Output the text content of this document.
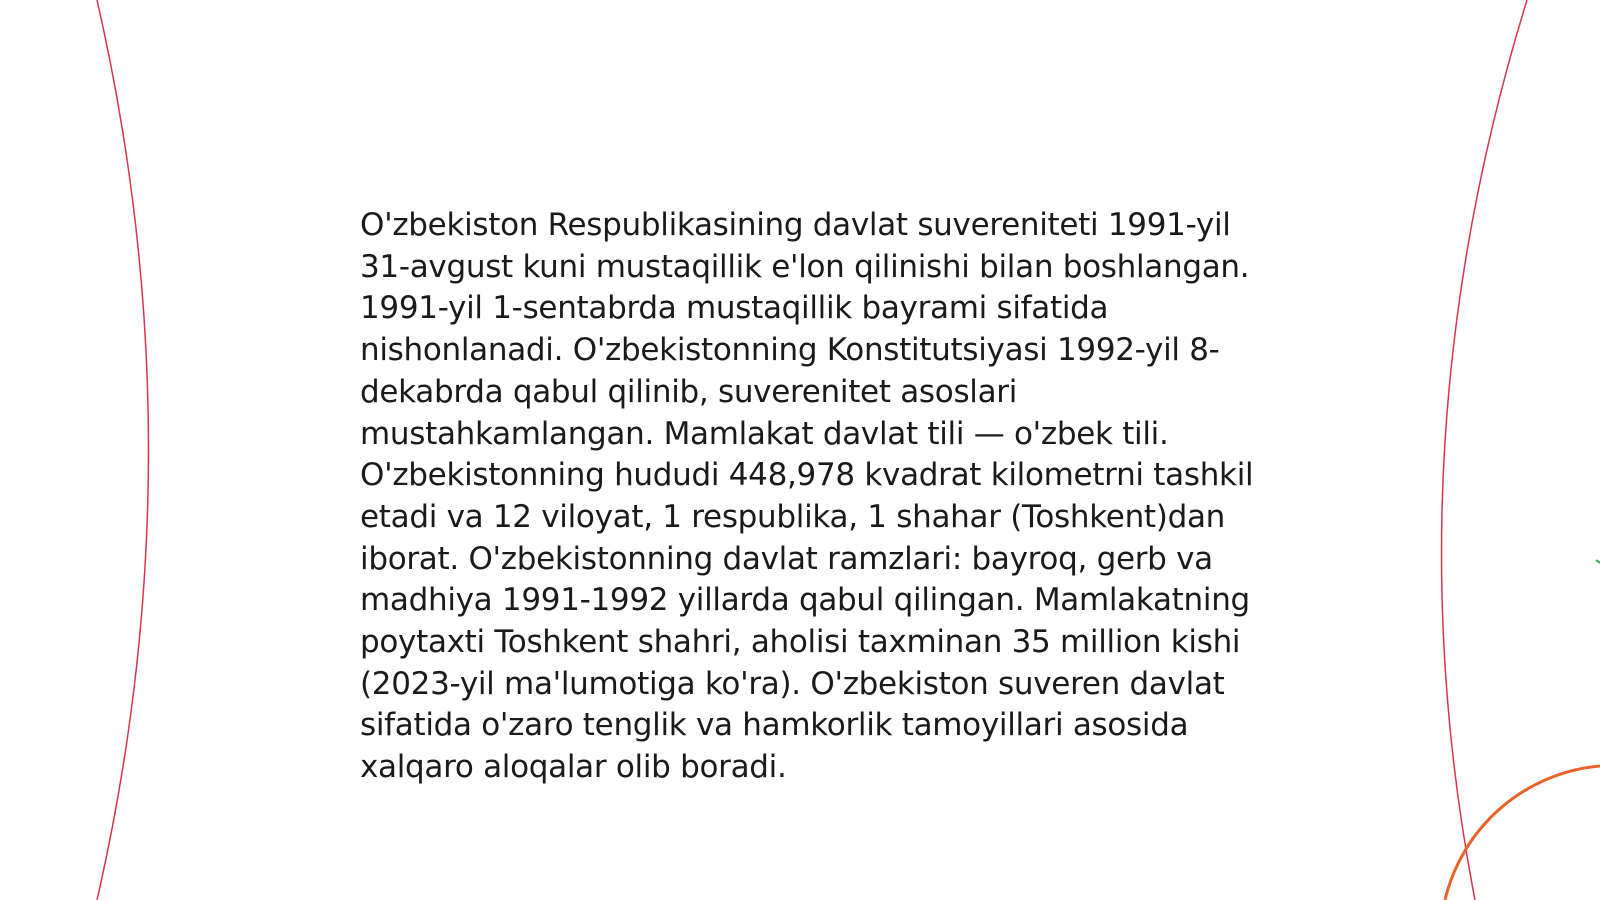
O'zbekiston Respublikasining davlat suvereniteti 1991-yil 31-avgust kuni mustaqillik e'lon qilinishi bilan boshlangan. 1991-yil 1-sentabrda mustaqillik bayrami sifatida nishonlanadi. O'zbekistonning Konstitutsiyasi 1992-yil 8-dekabrda qabul qilinib, suverenitet asoslari mustahkamlangan. Mamlakat davlat tili — o'zbek tili. O'zbekistonning hududi 448,978 kvadrat kilometrni tashkil etadi va 12 viloyat, 1 respublika, 1 shahar (Toshkent)dan iborat. O'zbekistonning davlat ramzlari: bayroq, gerb va madhiya 1991-1992 yillarda qabul qilingan. Mamlakatning poytaxti Toshkent shahri, aholisi taxminan 35 million kishi (2023-yil ma'lumotiga ko'ra). O'zbekiston suveren davlat sifatida o'zaro tenglik va hamkorlik tamoyillari asosida xalqaro aloqalar olib boradi.
